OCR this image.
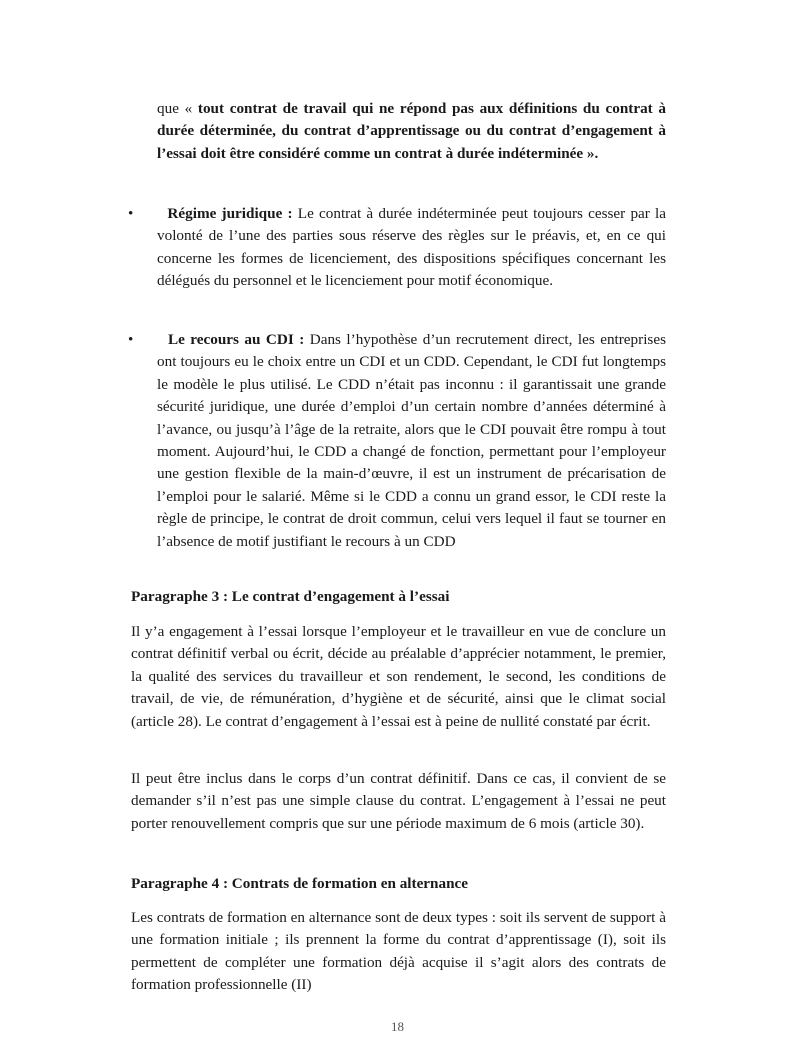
que « tout contrat de travail qui ne répond pas aux définitions du contrat à durée déterminée, du contrat d’apprentissage ou du contrat d’engagement à l’essai doit être considéré comme un contrat à durée indéterminée ».
•	Régime juridique : Le contrat à durée indéterminée peut toujours cesser par la volonté de l’une des parties sous réserve des règles sur le préavis, et, en ce qui concerne les formes de licenciement, des dispositions spécifiques concernant les délégués du personnel et le licenciement pour motif économique.
•	Le recours au CDI : Dans l’hypothèse d’un recrutement direct, les entreprises ont toujours eu le choix entre un CDI et un CDD. Cependant, le CDI fut longtemps le modèle le plus utilisé. Le CDD n’était pas inconnu : il garantissait une grande sécurité juridique, une durée d’emploi d’un certain nombre d’années déterminé à l’avance, ou jusqu’à l’âge de la retraite, alors que le CDI pouvait être rompu à tout moment. Aujourd’hui, le CDD a changé de fonction, permettant pour l’employeur une gestion flexible de la main-d’œuvre, il est un instrument de précarisation de l’emploi pour le salarié. Même si le CDD a connu un grand essor, le CDI reste la règle de principe, le contrat de droit commun, celui vers lequel il faut se tourner en l’absence de motif justifiant le recours à un CDD
Paragraphe 3 : Le contrat d’engagement à l’essai
Il y’a engagement à l’essai lorsque l’employeur et le travailleur en vue de conclure un contrat définitif verbal ou écrit, décide au préalable d’apprécier notamment, le premier, la qualité des services du travailleur et son rendement, le second, les conditions de travail, de vie, de rémunération, d’hygiène et de sécurité, ainsi que le climat social (article 28). Le contrat d’engagement à l’essai est à peine de nullité constaté par écrit.
Il peut être inclus dans le corps d’un contrat définitif. Dans ce cas, il convient de se demander s’il n’est pas une simple clause du contrat. L’engagement à l’essai ne peut porter renouvellement compris que sur une période maximum de 6 mois (article 30).
Paragraphe 4 : Contrats de formation en alternance
Les contrats de formation en alternance sont de deux types : soit ils servent de support à une formation initiale ; ils prennent la forme du contrat d’apprentissage (I), soit ils permettent de compléter une formation déjà acquise il s’agit alors des contrats de formation professionnelle (II)
18
